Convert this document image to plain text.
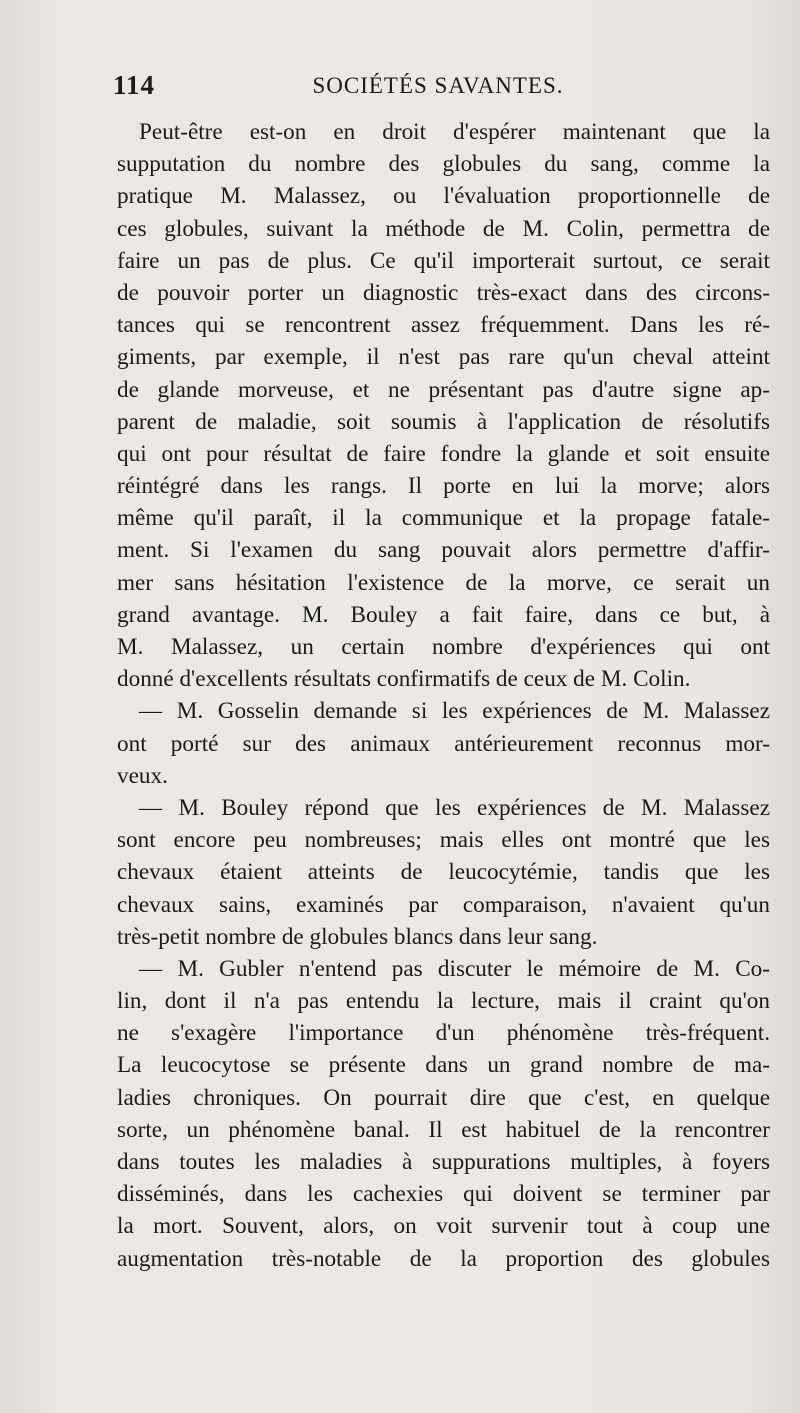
114	SOCIÉTÉS SAVANTES.
Peut-être est-on en droit d'espérer maintenant que la
supputation du nombre des globules du sang, comme la
pratique M. Malassez, ou l'évaluation proportionnelle de
ces globules, suivant la méthode de M. Colin, permettra de
faire un pas de plus. Ce qu'il importerait surtout, ce serait
de pouvoir porter un diagnostic très-exact dans des circons-
tances qui se rencontrent assez fréquemment. Dans les ré-
giments, par exemple, il n'est pas rare qu'un cheval atteint
de glande morveuse, et ne présentant pas d'autre signe ap-
parent de maladie, soit soumis à l'application de résolutifs
qui ont pour résultat de faire fondre la glande et soit ensuite
réintégré dans les rangs. Il porte en lui la morve; alors
même qu'il paraît, il la communique et la propage fatale-
ment. Si l'examen du sang pouvait alors permettre d'affir-
mer sans hésitation l'existence de la morve, ce serait un
grand avantage. M. Bouley a fait faire, dans ce but, à
M. Malassez, un certain nombre d'expériences qui ont
donné d'excellents résultats confirmatifs de ceux de M. Colin.
— M. Gosselin demande si les expériences de M. Malassez
ont porté sur des animaux antérieurement reconnus mor-
veux.
— M. Bouley répond que les expériences de M. Malassez
sont encore peu nombreuses; mais elles ont montré que les
chevaux étaient atteints de leucocytémie, tandis que les
chevaux sains, examinés par comparaison, n'avaient qu'un
très-petit nombre de globules blancs dans leur sang.
— M. Gubler n'entend pas discuter le mémoire de M. Co-
lin, dont il n'a pas entendu la lecture, mais il craint qu'on
ne s'exagère l'importance d'un phénomène très-fréquent.
La leucocytose se présente dans un grand nombre de ma-
ladies chroniques. On pourrait dire que c'est, en quelque
sorte, un phénomène banal. Il est habituel de la rencontrer
dans toutes les maladies à suppurations multiples, à foyers
disséminés, dans les cachexies qui doivent se terminer par
la mort. Souvent, alors, on voit survenir tout à coup une
augmentation très-notable de la proportion des globules
